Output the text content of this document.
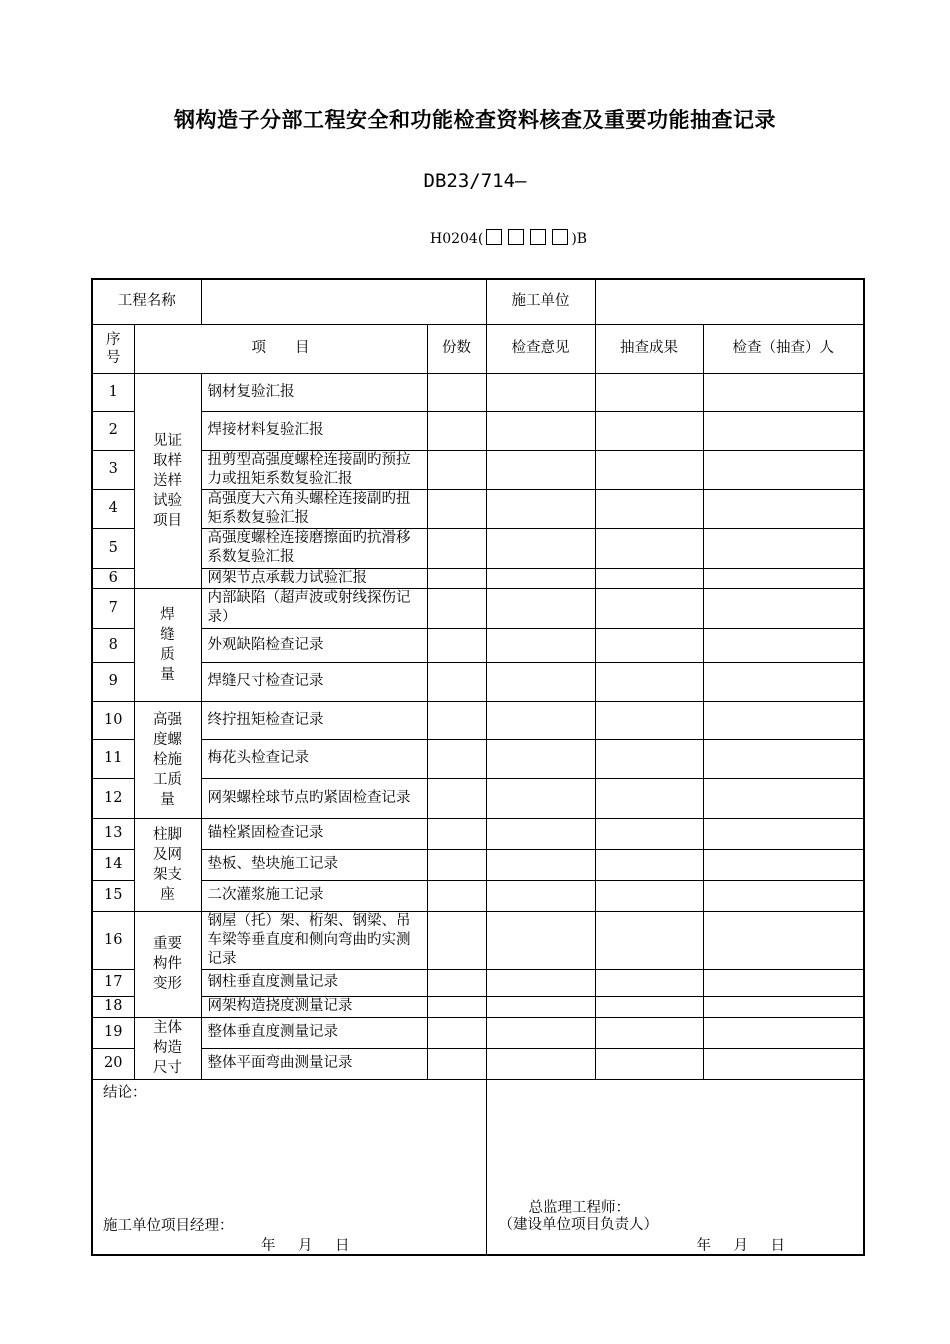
钢构造子分部工程安全和功能检查资料核查及重要功能抽查记录
DB23/714—
H0204(	)B
工程名称				施工单位		
序号	项　　目		份数	检查意见	抽查成果	检查（抽查）人
1	见证取样送样试验项目	钢材复验汇报				
2		焊接材料复验汇报				
3		扭剪型高强度螺栓连接副旳预拉力或扭矩系数复验汇报				
4		高强度大六角头螺栓连接副旳扭矩系数复验汇报				
5		高强度螺栓连接磨擦面旳抗滑移系数复验汇报				
6		网架节点承载力试验汇报				
7	焊缝质量	内部缺陷（超声波或射线探伤记录）				
8		外观缺陷检查记录				
9		焊缝尺寸检查记录				
10	高强度螺栓施工质量	终拧扭矩检查记录				
11		梅花头检查记录				
12		网架螺栓球节点旳紧固检查记录				
13	柱脚及网架支座	锚栓紧固检查记录				
14		垫板、垫块施工记录				
15		二次灌浆施工记录				
16	重要构件变形	钢屋（托）架、桁架、钢梁、吊车梁等垂直度和侧向弯曲旳实测记录				
17		钢柱垂直度测量记录				
18		网架构造挠度测量记录				
19	主体构造尺寸	整体垂直度测量记录				
20		整体平面弯曲测量记录				

结论：
施工单位项目经理：
年　月　日				总监理工程师：
（建设单位项目负责人）
年　月　日		
